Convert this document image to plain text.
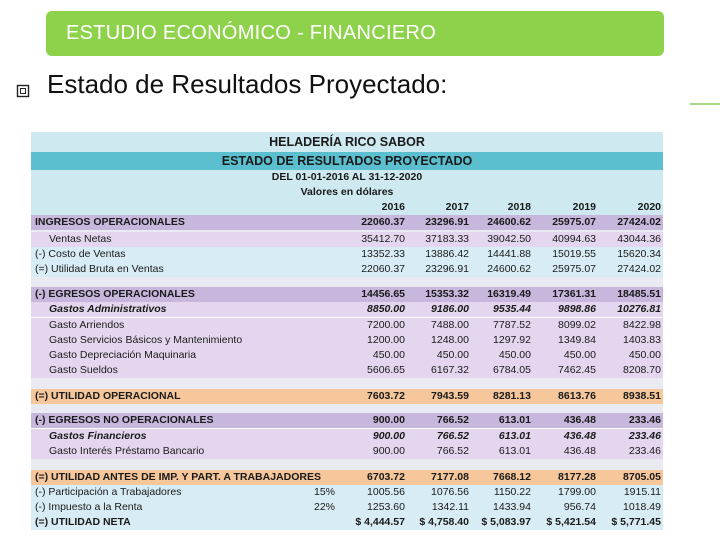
ESTUDIO ECONÓMICO - FINANCIERO
Estado de Resultados Proyectado:
HELADERÍA RICO SABOR
ESTADO DE RESULTADOS PROYECTADO
DEL 01-01-2016 AL 31-12-2020
Valores en dólares
2016	2017	2018	2019	2020
INGRESOS OPERACIONALES	22060.37	23296.91	24600.62	25975.07	27424.02
Ventas Netas	35412.70	37183.33	39042.50	40994.63	43044.36
(-) Costo de Ventas	13352.33	13886.42	14441.88	15019.55	15620.34
(=) Utilidad Bruta en Ventas	22060.37	23296.91	24600.62	25975.07	27424.02
(-) EGRESOS OPERACIONALES	14456.65	15353.32	16319.49	17361.31	18485.51
Gastos Administrativos	8850.00	9186.00	9535.44	9898.86	10276.81
Gasto Arriendos	7200.00	7488.00	7787.52	8099.02	8422.98
Gasto Servicios Básicos y Mantenimiento	1200.00	1248.00	1297.92	1349.84	1403.83
Gasto Depreciación Maquinaria	450.00	450.00	450.00	450.00	450.00
Gasto Sueldos	5606.65	6167.32	6784.05	7462.45	8208.70
(=) UTILIDAD OPERACIONAL	7603.72	7943.59	8281.13	8613.76	8938.51
(-) EGRESOS NO OPERACIONALES	900.00	766.52	613.01	436.48	233.46
Gastos Financieros	900.00	766.52	613.01	436.48	233.46
Gasto Interés Préstamo Bancario	900.00	766.52	613.01	436.48	233.46
(=) UTILIDAD ANTES DE IMP. Y PART. A TRABAJADORES	6703.72	7177.08	7668.12	8177.28	8705.05
(-) Participación a Trabajadores	15%	1005.56	1076.56	1150.22	1799.00	1915.11
(-) Impuesto a la Renta	22%	1253.60	1342.11	1433.94	956.74	1018.49
(=) UTILIDAD NETA	$ 4,444.57	$ 4,758.40	$ 5,083.97	$ 5,421.54	$ 5,771.45
